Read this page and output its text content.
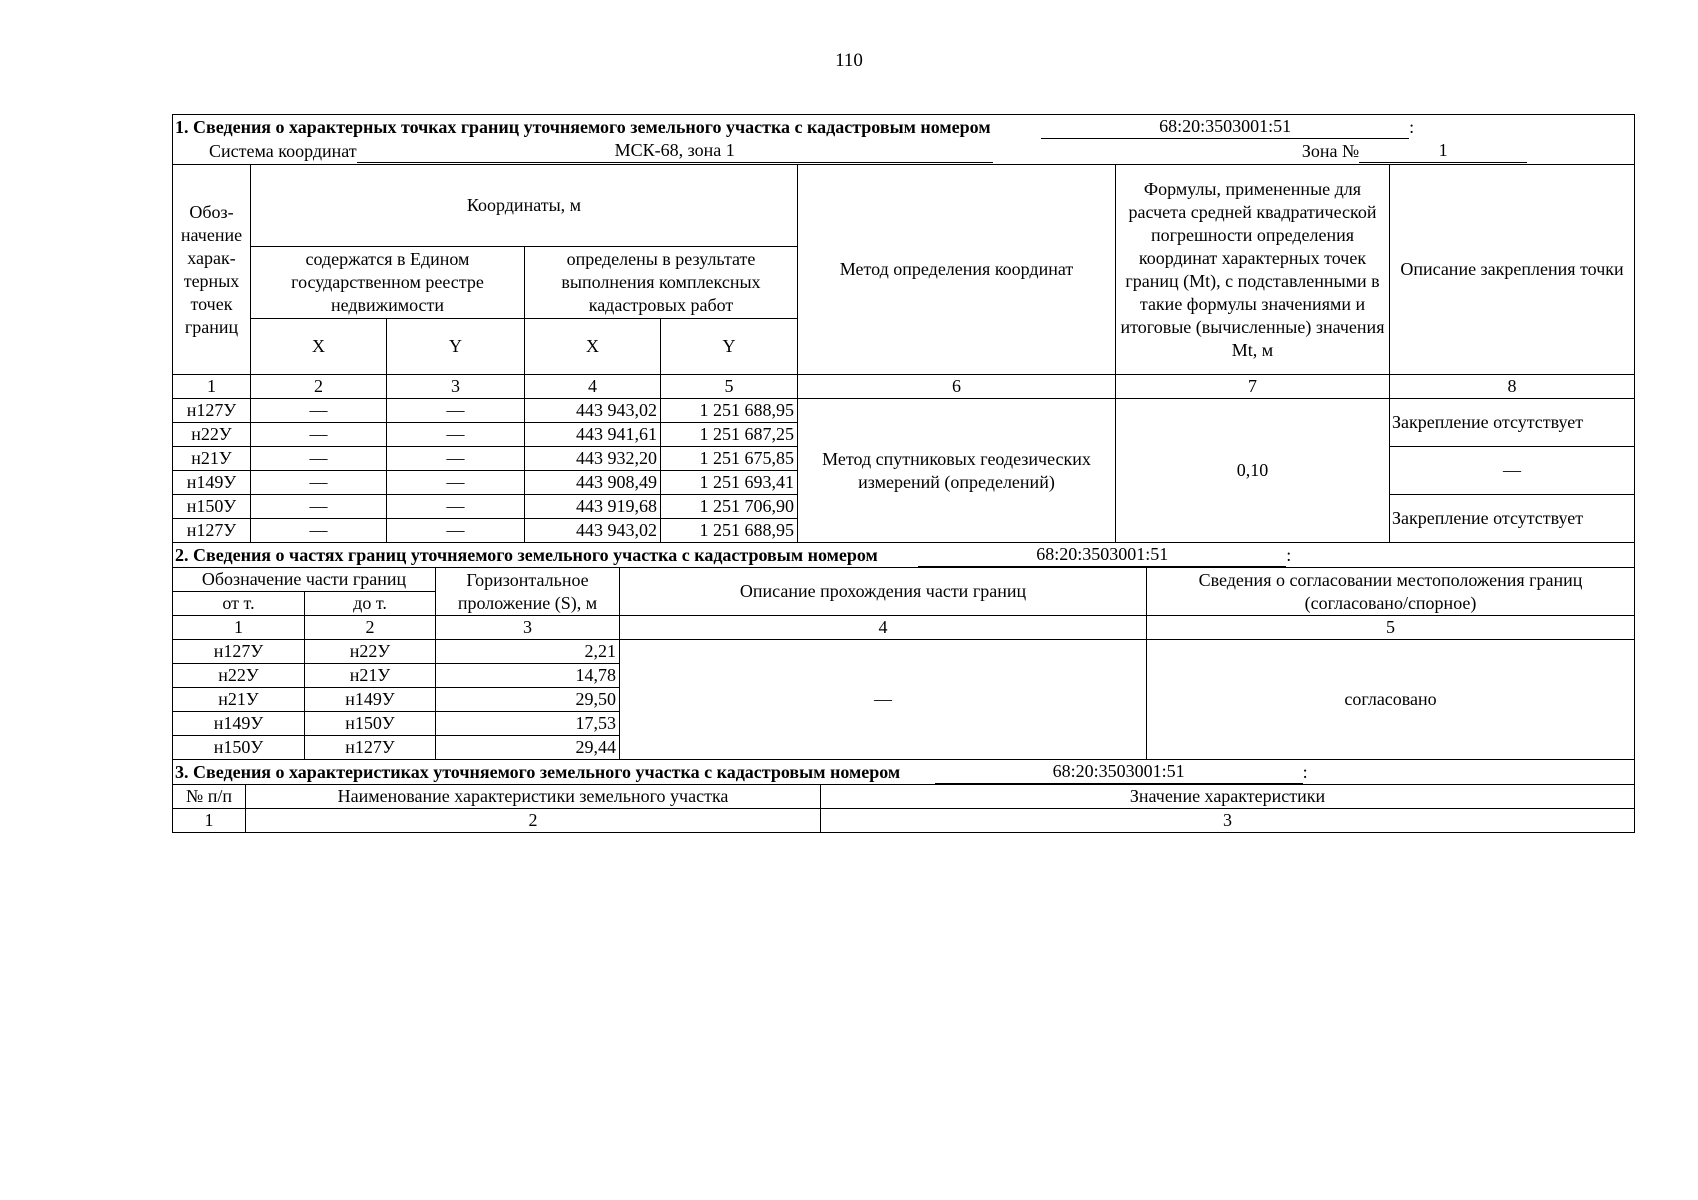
110
1. Сведения о характерных точках границ уточняемого земельного участка с кадастровым номером 68:20:3503001:51 :							
Система координат МСК-68, зона 1 Зона № 1							
Обоз-начение харак-терных точек границ	Координаты, м				Метод определения координат	Формулы, примененные для расчета средней квадратической погрешности определения координат характерных точек границ (Mt), с подставленными в такие формулы значениями и итоговые (вычисленные) значения Mt, м	Описание закрепления точки
	содержатся в Едином государственном реестре недвижимости		определены в результате выполнения комплексных кадастровых работ				
	X	Y	X	Y			
1	2	3	4	5	6	7	8
н127У	—	—	443 943,02	1 251 688,95	Метод спутниковых геодезических измерений (определений)	0,10	Закрепление отсутствует
н22У	—	—	443 941,61	1 251 687,25			
н21У	—	—	443 932,20	1 251 675,85			—
н149У	—	—	443 908,49	1 251 693,41			
н150У	—	—	443 919,68	1 251 706,90			Закрепление отсутствует
н127У	—	—	443 943,02	1 251 688,95			
2. Сведения о частях границ уточняемого земельного участка с кадастровым номером 68:20:3503001:51 :				
Обозначение части границ		Горизонтальное проложение (S), м	Описание прохождения части границ	Сведения о согласовании местоположения границ (согласовано/спорное)
от т.	до т.			
1	2	3	4	5
н127У	н22У	2,21	—	согласовано
н22У	н21У	14,78		
н21У	н149У	29,50		
н149У	н150У	17,53		
н150У	н127У	29,44		
3. Сведения о характеристиках уточняемого земельного участка с кадастровым номером 68:20:3503001:51 :		
№ п/п	Наименование характеристики земельного участка	Значение характеристики
1	2	3
